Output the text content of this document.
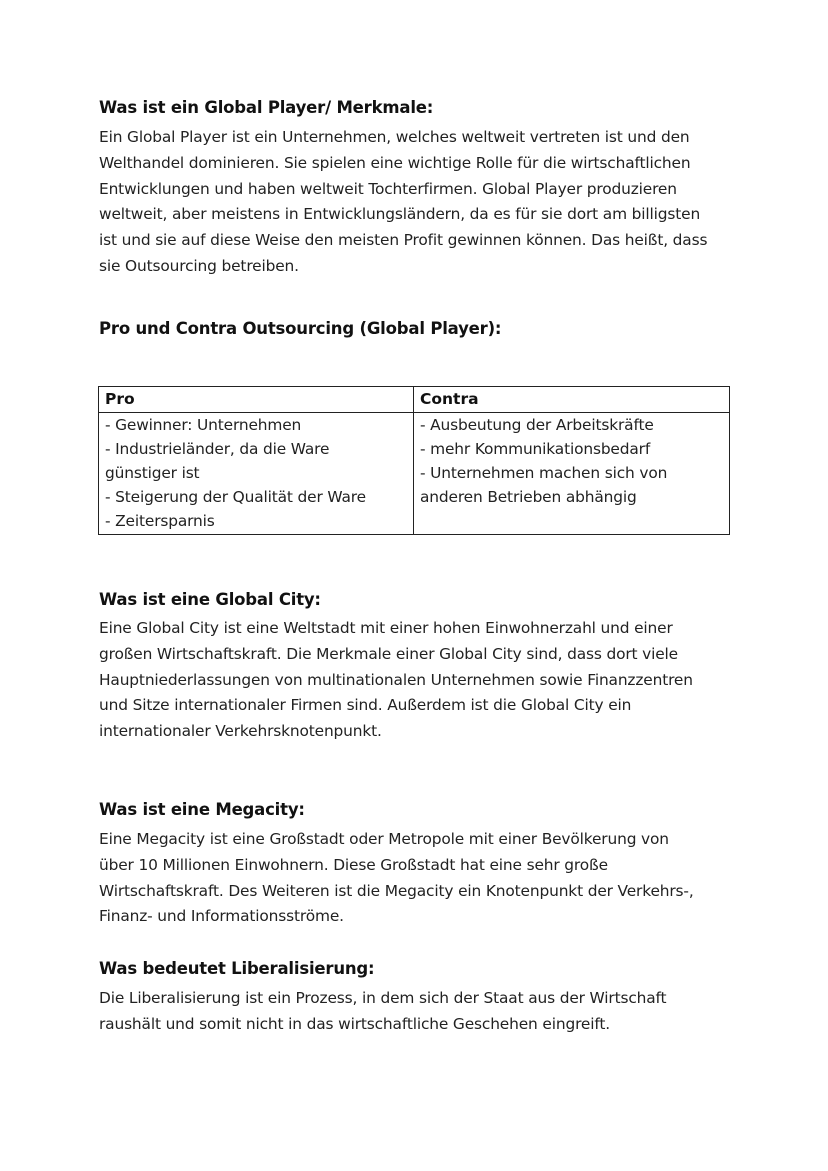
Was ist ein Global Player/ Merkmale:
Ein Global Player ist ein Unternehmen, welches weltweit vertreten ist und den
Welthandel dominieren. Sie spielen eine wichtige Rolle für die wirtschaftlichen
Entwicklungen und haben weltweit Tochterfirmen. Global Player produzieren
weltweit, aber meistens in Entwicklungsländern, da es für sie dort am billigsten
ist und sie auf diese Weise den meisten Profit gewinnen können. Das heißt, dass
sie Outsourcing betreiben.
Pro und Contra Outsourcing (Global Player):
Pro	Contra

- Gewinner: Unternehmen
- Industrieländer, da die Ware
günstiger ist
- Steigerung der Qualität der Ware
- Zeitersparnis	- Ausbeutung der Arbeitskräfte
- mehr Kommunikationsbedarf
- Unternehmen machen sich von
anderen Betrieben abhängig
Was ist eine Global City:
Eine Global City ist eine Weltstadt mit einer hohen Einwohnerzahl und einer
großen Wirtschaftskraft. Die Merkmale einer Global City sind, dass dort viele
Hauptniederlassungen von multinationalen Unternehmen sowie Finanzzentren
und Sitze internationaler Firmen sind. Außerdem ist die Global City ein
internationaler Verkehrsknotenpunkt.
Was ist eine Megacity:
Eine Megacity ist eine Großstadt oder Metropole mit einer Bevölkerung von
über 10 Millionen Einwohnern. Diese Großstadt hat eine sehr große
Wirtschaftskraft. Des Weiteren ist die Megacity ein Knotenpunkt der Verkehrs-,
Finanz- und Informationsströme.
Was bedeutet Liberalisierung:
Die Liberalisierung ist ein Prozess, in dem sich der Staat aus der Wirtschaft
raushält und somit nicht in das wirtschaftliche Geschehen eingreift.
